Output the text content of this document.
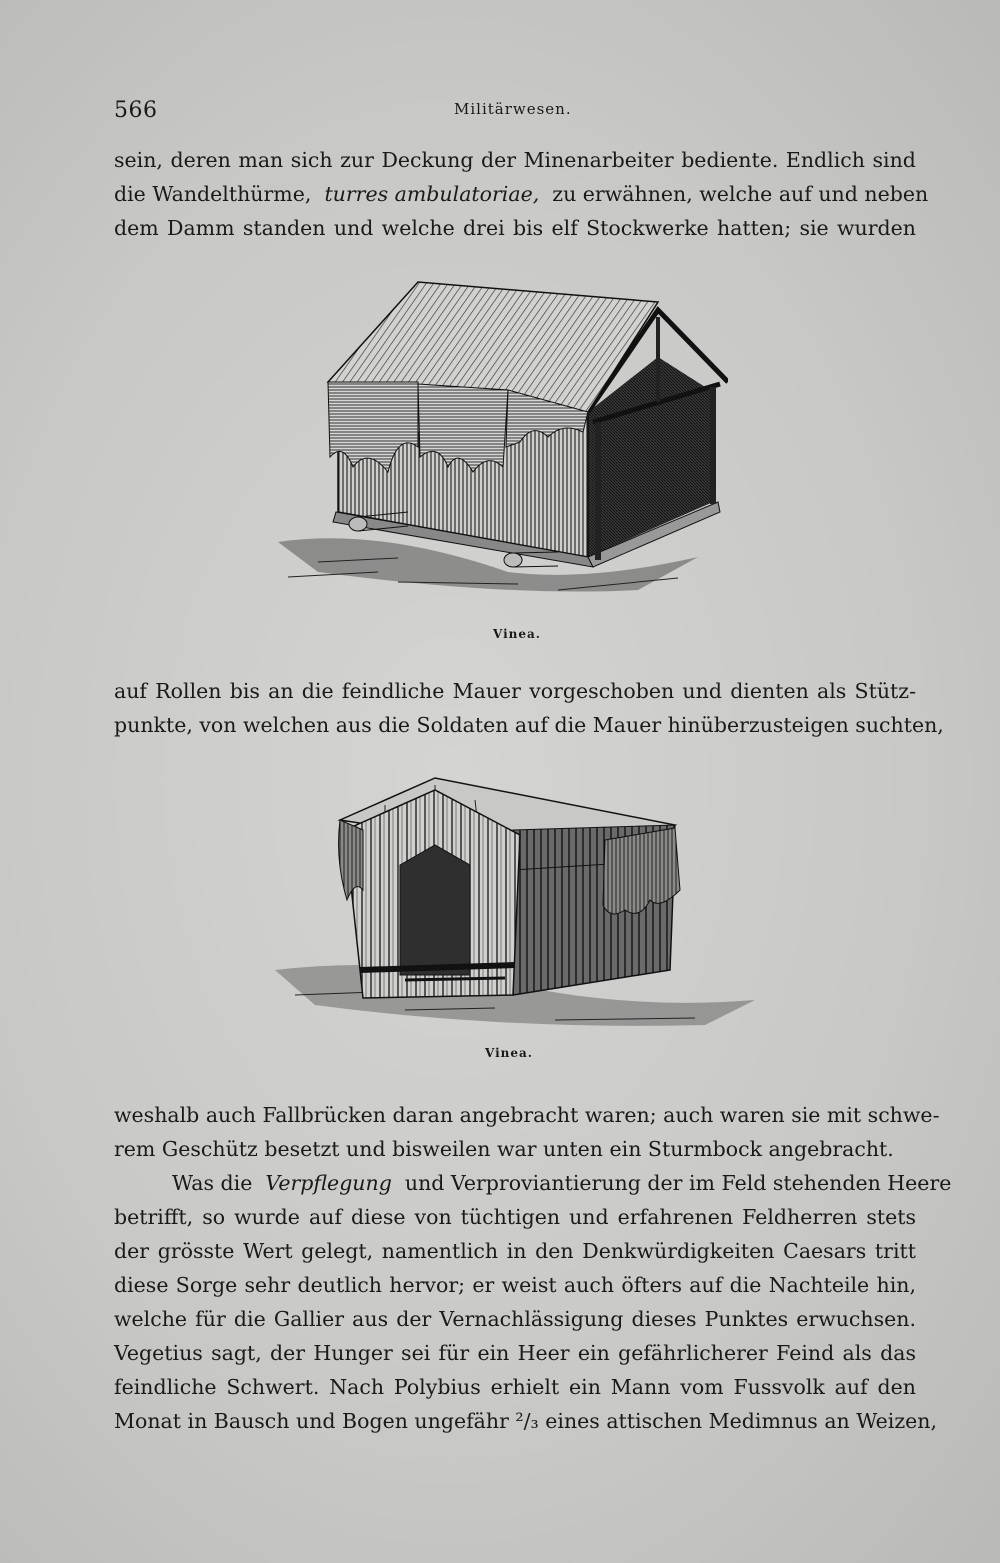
566	Militärwesen.
sein, deren man sich zur Deckung der Minenarbeiter bediente. Endlich sind
die Wandelthürme, turres ambulatoriae, zu erwähnen, welche auf und neben
dem Damm standen und welche drei bis elf Stockwerke hatten; sie wurden
Vinea.
auf Rollen bis an die feindliche Mauer vorgeschoben und dienten als Stütz-
punkte, von welchen aus die Soldaten auf die Mauer hinüberzusteigen suchten,
Vinea.
weshalb auch Fallbrücken daran angebracht waren; auch waren sie mit schwe-
rem Geschütz besetzt und bisweilen war unten ein Sturmbock angebracht.
Was die Verpflegung und Verproviantierung der im Feld stehenden Heere
betrifft, so wurde auf diese von tüchtigen und erfahrenen Feldherren stets
der grösste Wert gelegt, namentlich in den Denkwürdigkeiten Caesars tritt
diese Sorge sehr deutlich hervor; er weist auch öfters auf die Nachteile hin,
welche für die Gallier aus der Vernachlässigung dieses Punktes erwuchsen.
Vegetius sagt, der Hunger sei für ein Heer ein gefährlicherer Feind als das
feindliche Schwert. Nach Polybius erhielt ein Mann vom Fussvolk auf den
Monat in Bausch und Bogen ungefähr ²/₃ eines attischen Medimnus an Weizen,
